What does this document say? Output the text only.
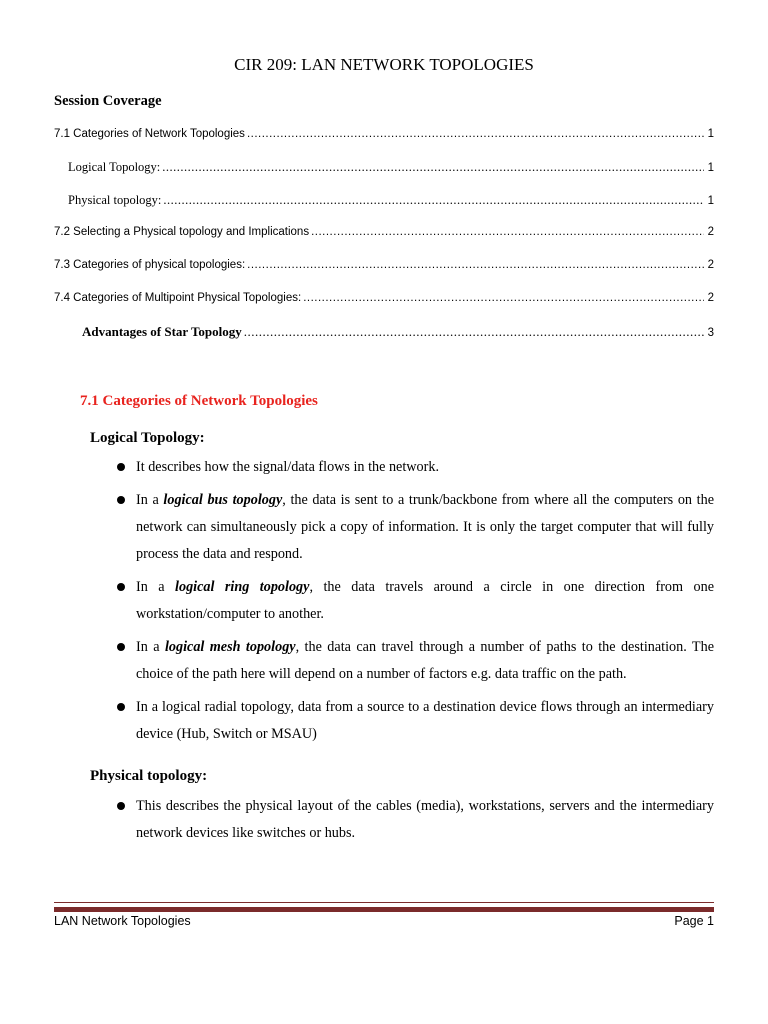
CIR 209: LAN NETWORK TOPOLOGIES
Session Coverage
7.1 Categories of Network Topologies .....	1
Logical Topology: .....	1
Physical topology: .....	1
7.2 Selecting a Physical topology and Implications .....	2
7.3 Categories of physical topologies: .....	2
7.4 Categories of Multipoint Physical Topologies: .....	2
Advantages of Star Topology .....	3
7.1 Categories of Network Topologies
Logical Topology:
It describes how the signal/data flows in the network.
In a logical bus topology, the data is sent to a trunk/backbone from where all the computers on the network can simultaneously pick a copy of information. It is only the target computer that will fully process the data and respond.
In a logical ring topology, the data travels around a circle in one direction from one workstation/computer to another.
In a logical mesh topology, the data can travel through a number of paths to the destination. The choice of the path here will depend on a number of factors e.g. data traffic on the path.
In a logical radial topology, data from a source to a destination device flows through an intermediary device (Hub, Switch or MSAU)
Physical topology:
This describes the physical layout of the cables (media), workstations, servers and the intermediary network devices like switches or hubs.
LAN Network Topologies	Page 1
